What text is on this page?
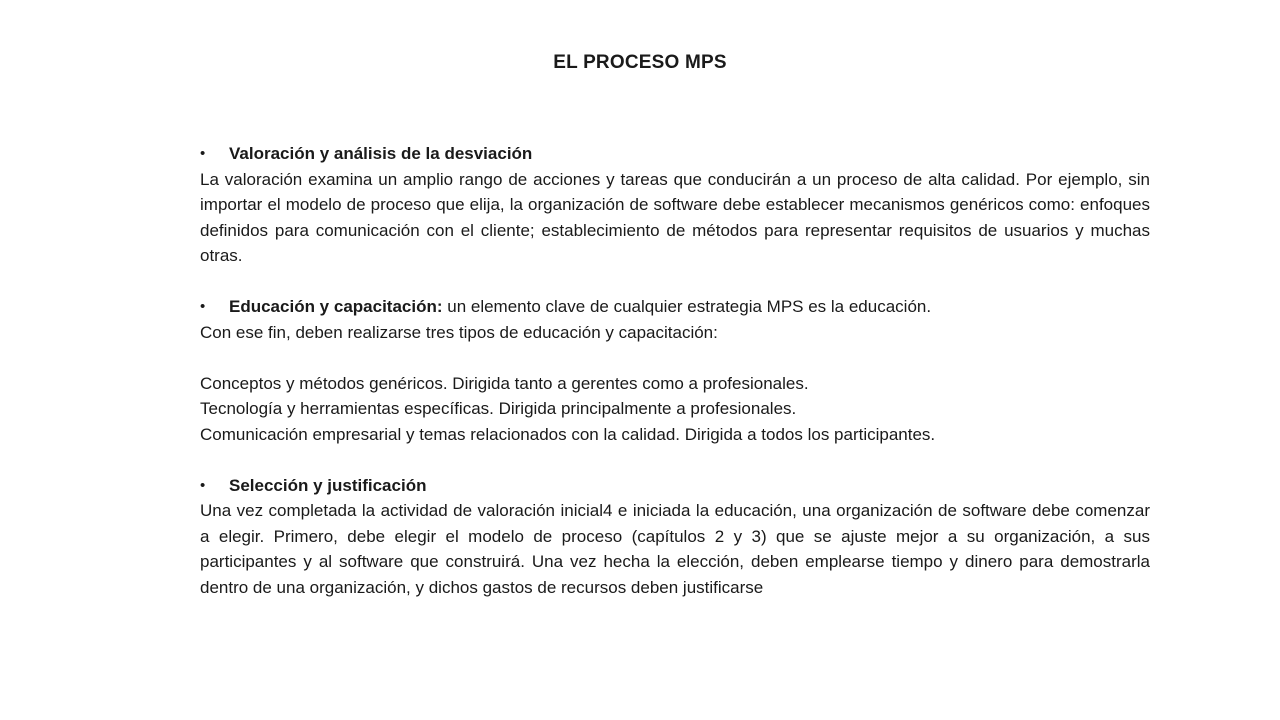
EL PROCESO MPS
• Valoración y análisis de la desviación
La valoración examina un amplio rango de acciones y tareas que conducirán a un proceso de alta calidad. Por ejemplo, sin importar el modelo de proceso que elija, la organización de software debe establecer mecanismos genéricos como: enfoques definidos para comunicación con el cliente; establecimiento de métodos para representar requisitos de usuarios y muchas otras.
• Educación y capacitación: un elemento clave de cualquier estrategia MPS es la educación.
Con ese fin, deben realizarse tres tipos de educación y capacitación:
Conceptos y métodos genéricos. Dirigida tanto a gerentes como a profesionales.
Tecnología y herramientas específicas. Dirigida principalmente a profesionales.
Comunicación empresarial y temas relacionados con la calidad. Dirigida a todos los participantes.
• Selección y justificación
Una vez completada la actividad de valoración inicial4 e iniciada la educación, una organización de software debe comenzar a elegir. Primero, debe elegir el modelo de proceso (capítulos 2 y 3) que se ajuste mejor a su organización, a sus participantes y al software que construirá. Una vez hecha la elección, deben emplearse tiempo y dinero para demostrarla dentro de una organización, y dichos gastos de recursos deben justificarse
